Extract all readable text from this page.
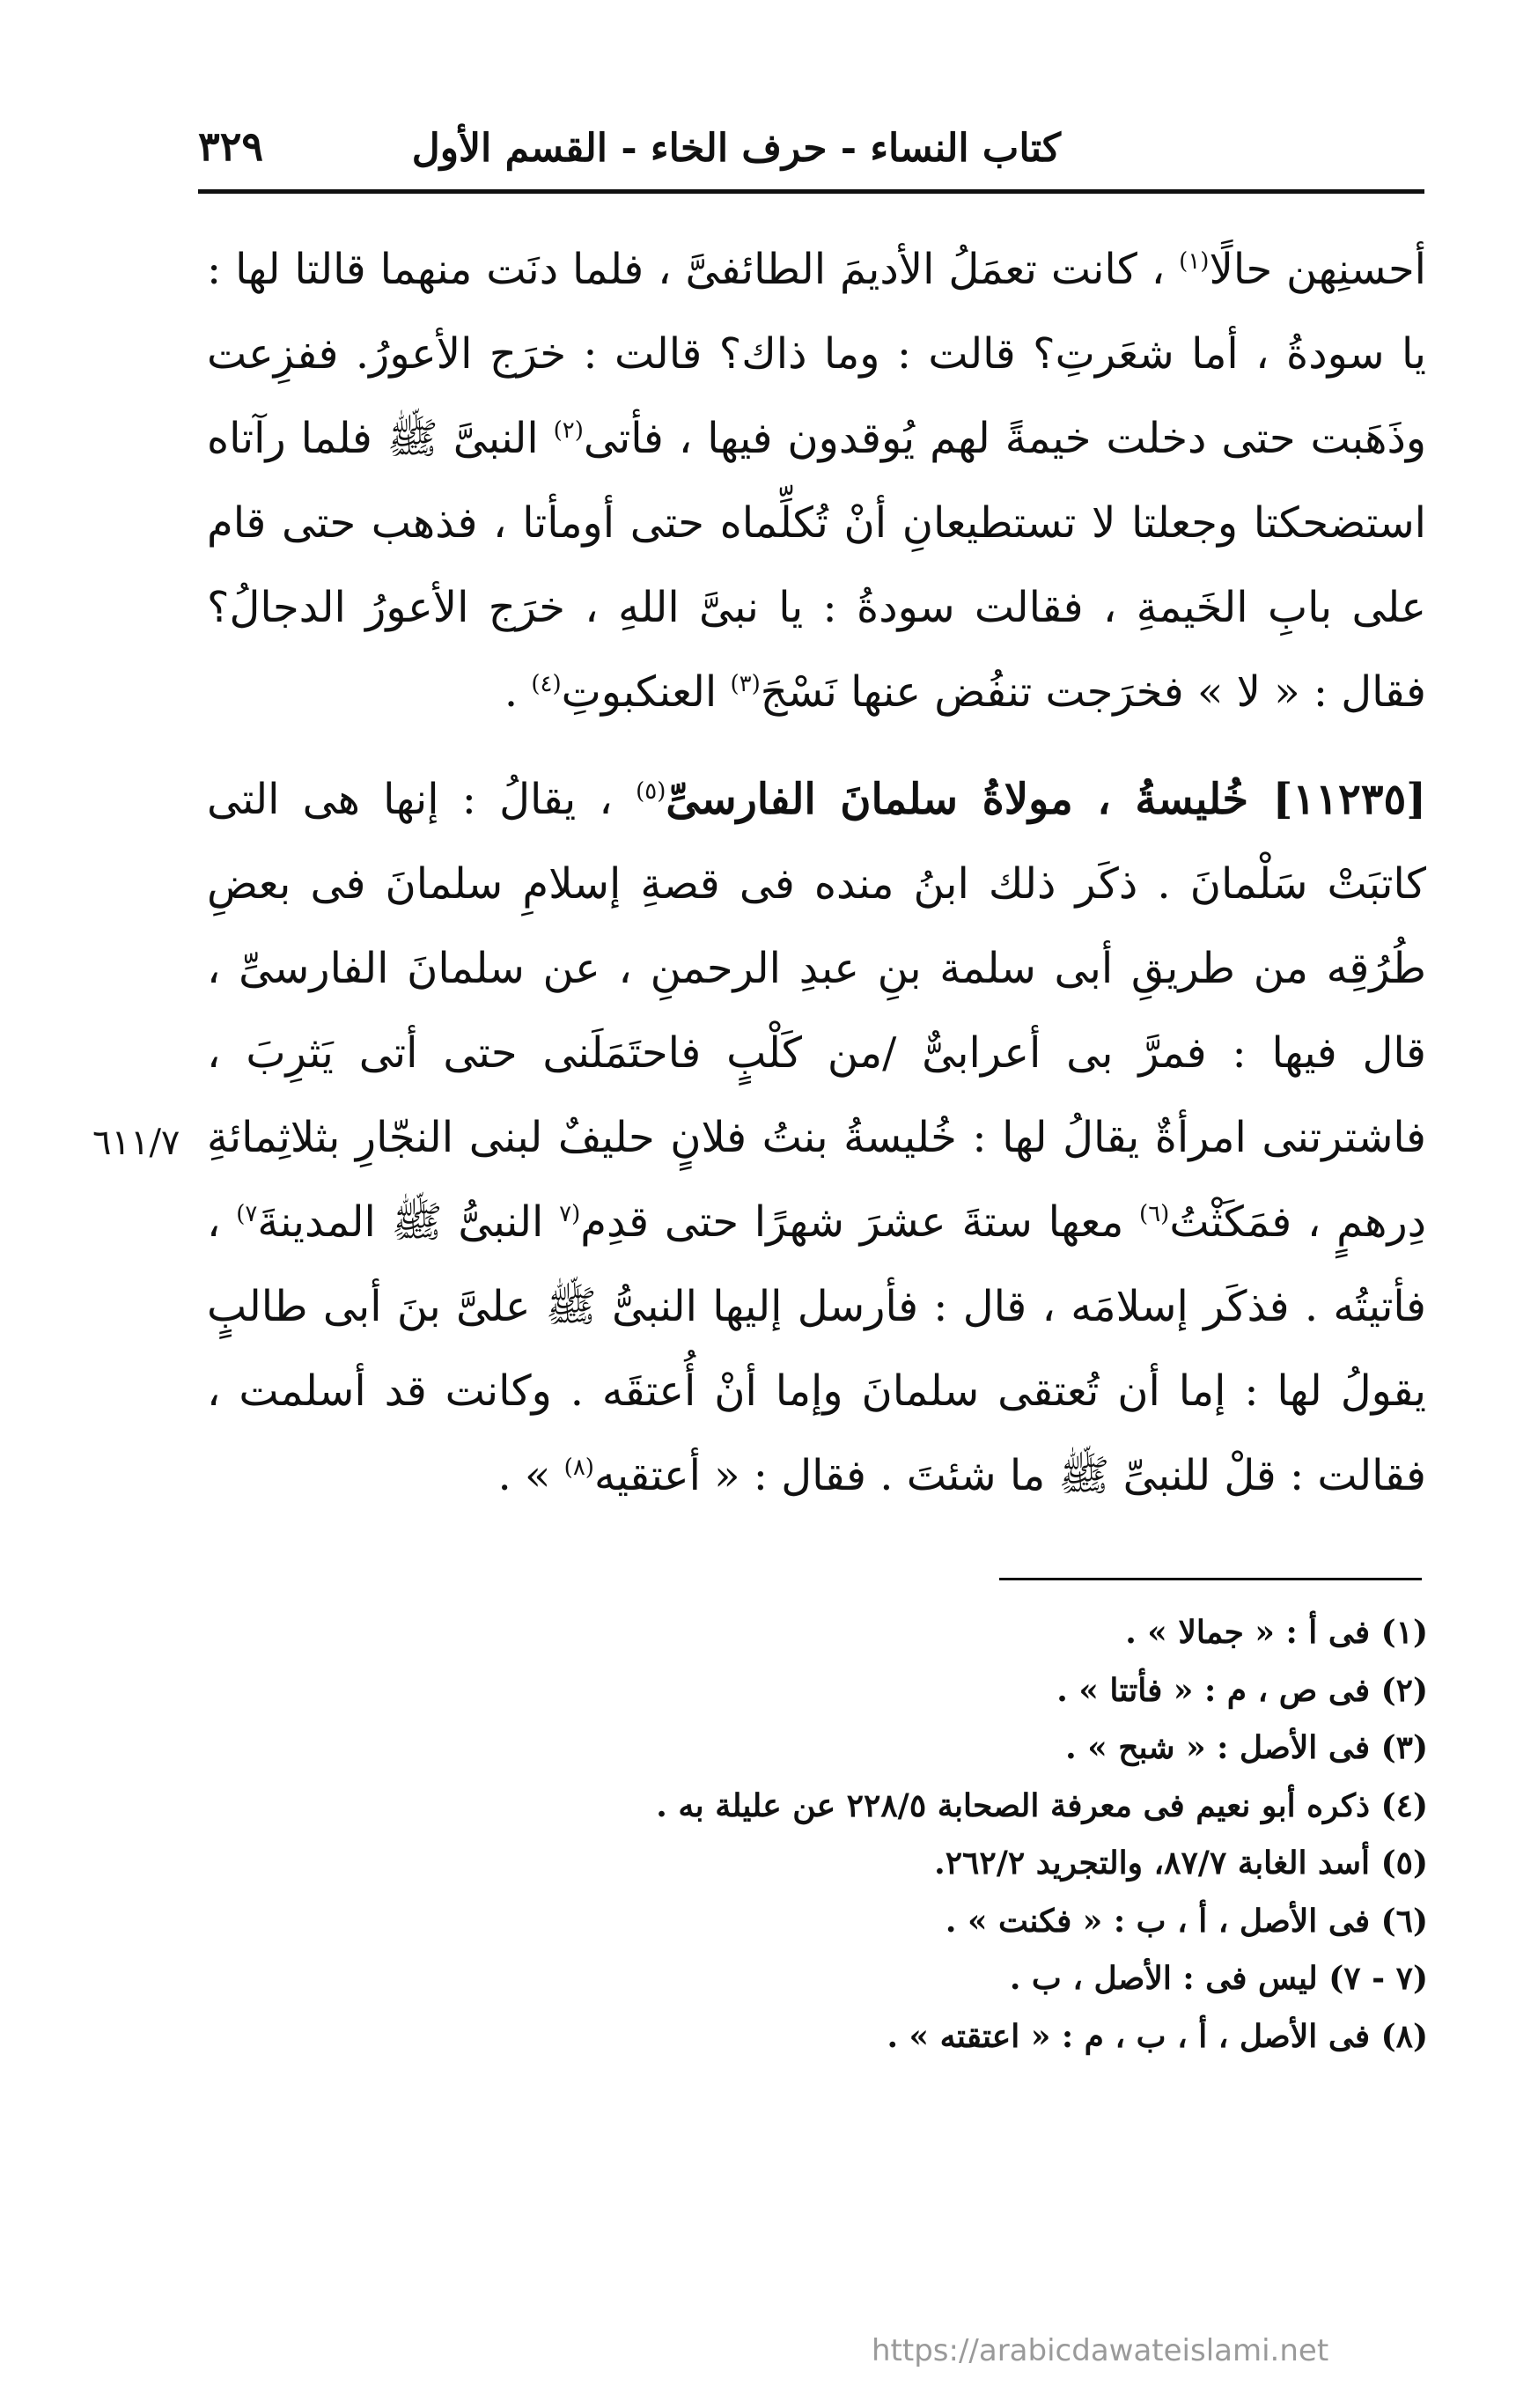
كتاب النساء - حرف الخاء - القسم الأول
٣٢٩

أحسنِهن حالًا$^{(١)}$ ، كانت تعمَلُ الأديمَ الطائفىَّ ، فلما دنَت منهما قالتا لها : يا سودةُ ، أما شعَرتِ؟ قالت : وما ذاك؟ قالت : خرَج الأعورُ. ففزِعت وذَهَبت حتى دخلت خيمةً لهم يُوقدون فيها ، فأتى$^{(٢)}$ النبىَّ ﷺ فلما رآتاه استضحكتا وجعلتا لا تستطيعانِ أنْ تُكلِّماه حتى أومأتا ، فذهب حتى قام على بابِ الخَيمةِ ، فقالت سودةُ : يا نبىَّ اللهِ ، خرَج الأعورُ الدجالُ؟ فقال : « لا » فخرَجت تنفُض عنها نَسْجَ$^{(٣)}$ العنكبوتِ$^{(٤)}$ .

[١١٢٣٥] خُليسةُ ، مولاةُ سلمانَ الفارسىِّ$^{(٥)}$ ، يقالُ : إنها هى التى كاتبَتْ سَلْمانَ . ذكَر ذلك ابنُ منده فى قصةِ إسلامِ سلمانَ فى بعضِ طُرُقِه من طريقِ أبى سلمة بنِ عبدِ الرحمنِ ، عن سلمانَ الفارسىِّ ، قال فيها : فمرَّ بى أعرابىٌّ /من كَلْبٍ فاحتَمَلَنى حتى أتى يَثرِبَ ، فاشترتنى امرأةٌ يقالُ لها : خُليسةُ بنتُ فلانٍ حليفٌ لبنى النجّارِ بثلاثِمائةِ دِرهمٍ ، فمَكَثْتُ$^{(٦)}$ معها ستةَ عشرَ شهرًا حتى قدِم$^{(٧}$ النبىُّ ﷺ المدينةَ$^{٧)}$ ، فأتيتُه . فذكَر إسلامَه ، قال : فأرسل إليها النبىُّ ﷺ علىَّ بنَ أبى طالبٍ يقولُ لها : إما أن تُعتقى سلمانَ وإما أنْ أُعتقَه . وكانت قد أسلمت ، فقالت : قلْ للنبىِّ ﷺ ما شئتَ . فقال : « أعتقيه$^{(٨)}$ » .

٦١١/٧
(١) فى أ : « جمالا » .
(٢) فى ص ، م : « فأتتا » .
(٣) فى الأصل : « شبح » .
(٤) ذكره أبو نعيم فى معرفة الصحابة ٢٢٨/٥ عن عليلة به .
(٥) أسد الغابة ٨٧/٧، والتجريد ٢٦٢/٢.
(٦) فى الأصل ، أ ، ب : « فكنت » .
(٧ - ٧) ليس فى : الأصل ، ب .
(٨) فى الأصل ، أ ، ب ، م : « اعتقته » .
https://arabicdawateislami.net
